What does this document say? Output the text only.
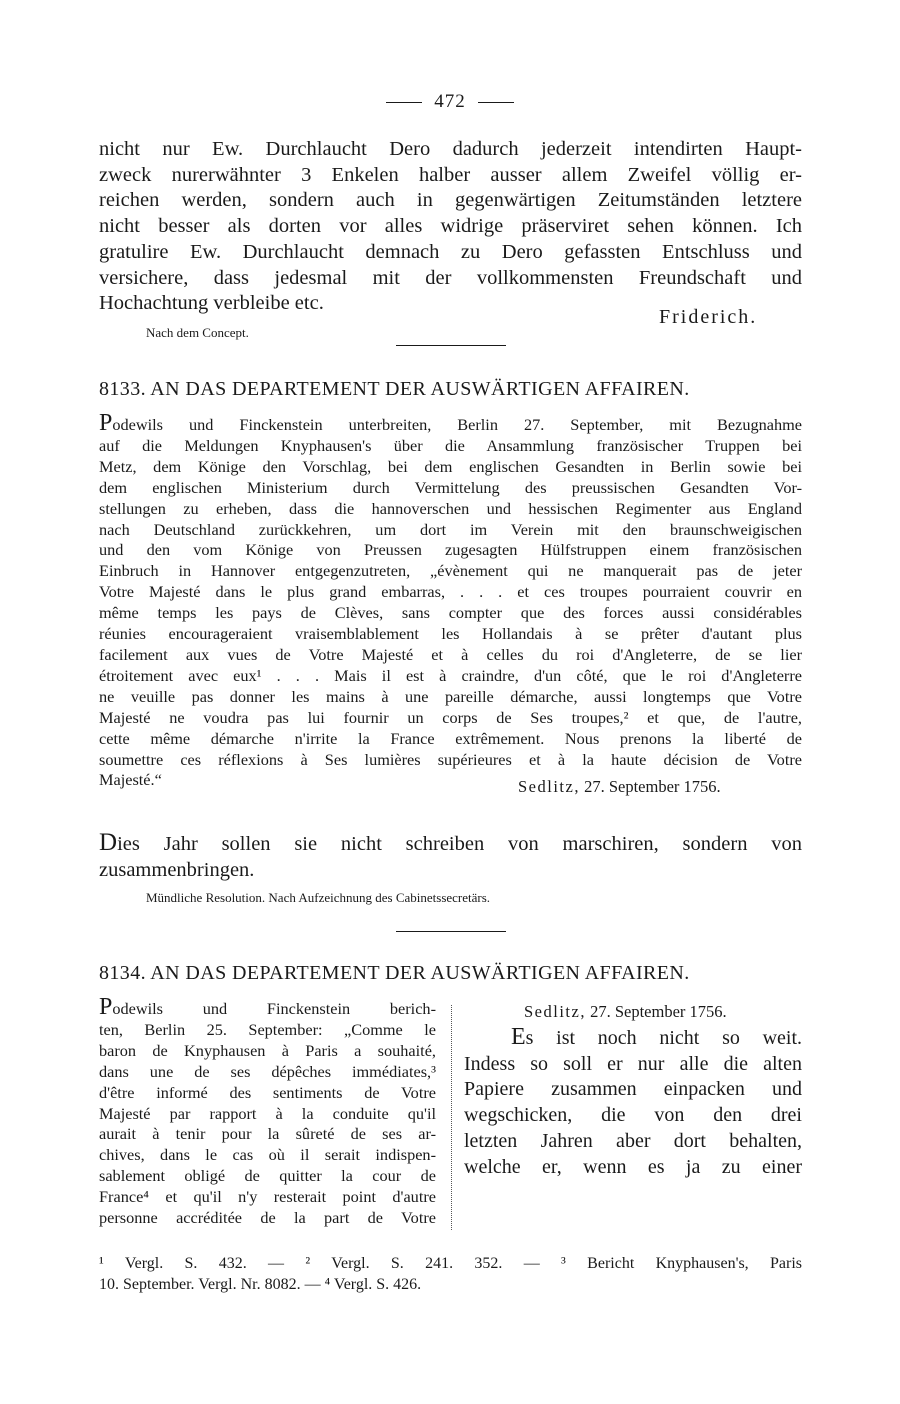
472
nicht nur Ew. Durchlaucht Dero dadurch jederzeit intendirten Haupt-
zweck nurerwähnter 3 Enkelen halber ausser allem Zweifel völlig er-
reichen werden, sondern auch in gegenwärtigen Zeitumständen letztere
nicht besser als dorten vor alles widrige präserviret sehen können. Ich
gratulire Ew. Durchlaucht demnach zu Dero gefassten Entschluss und
versichere, dass jedesmal mit der vollkommensten Freundschaft und
Hochachtung verbleibe etc.
Friderich.
Nach dem Concept.
8133. AN DAS DEPARTEMENT DER AUSWÄRTIGEN AFFAIREN.
Podewils und Finckenstein unterbreiten, Berlin 27. September, mit Bezugnahme
auf die Meldungen Knyphausen's über die Ansammlung französischer Truppen bei
Metz, dem Könige den Vorschlag, bei dem englischen Gesandten in Berlin sowie bei
dem englischen Ministerium durch Vermittelung des preussischen Gesandten Vor-
stellungen zu erheben, dass die hannoverschen und hessischen Regimenter aus England
nach Deutschland zurückkehren, um dort im Verein mit den braunschweigischen
und den vom Könige von Preussen zugesagten Hülfstruppen einem französischen
Einbruch in Hannover entgegenzutreten, „évènement qui ne manquerait pas de jeter
Votre Majesté dans le plus grand embarras, . . . et ces troupes pourraient couvrir en
même temps les pays de Clèves, sans compter que des forces aussi considérables
réunies encourageraient vraisemblablement les Hollandais à se prêter d'autant plus
facilement aux vues de Votre Majesté et à celles du roi d'Angleterre, de se lier
étroitement avec eux¹ . . . Mais il est à craindre, d'un côté, que le roi d'Angleterre
ne veuille pas donner les mains à une pareille démarche, aussi longtemps que Votre
Majesté ne voudra pas lui fournir un corps de Ses troupes,² et que, de l'autre,
cette même démarche n'irrite la France extrêmement. Nous prenons la liberté de
soumettre ces réflexions à Ses lumières supérieures et à la haute décision de Votre
Majesté.“	Sedlitz, 27. September 1756.
Dies Jahr sollen sie nicht schreiben von marschiren, sondern von
zusammenbringen.
Mündliche Resolution. Nach Aufzeichnung des Cabinetssecretärs.
8134. AN DAS DEPARTEMENT DER AUSWÄRTIGEN AFFAIREN.
Podewils und Finckenstein berich-
ten, Berlin 25. September: „Comme le
baron de Knyphausen à Paris a souhaité,
dans une de ses dépêches immédiates,³
d'être informé des sentiments de Votre
Majesté par rapport à la conduite qu'il
aurait à tenir pour la sûreté de ses ar-
chives, dans le cas où il serait indispen-
sablement obligé de quitter la cour de
France⁴ et qu'il n'y resterait point d'autre
personne accréditée de la part de Votre
Sedlitz, 27. September 1756.
Es ist noch nicht so weit.
Indess so soll er nur alle die alten
Papiere zusammen einpacken und
wegschicken, die von den drei
letzten Jahren aber dort behalten,
welche er, wenn es ja zu einer
¹ Vergl. S. 432. — ² Vergl. S. 241. 352. — ³ Bericht Knyphausen's, Paris
10. September. Vergl. Nr. 8082. — ⁴ Vergl. S. 426.
